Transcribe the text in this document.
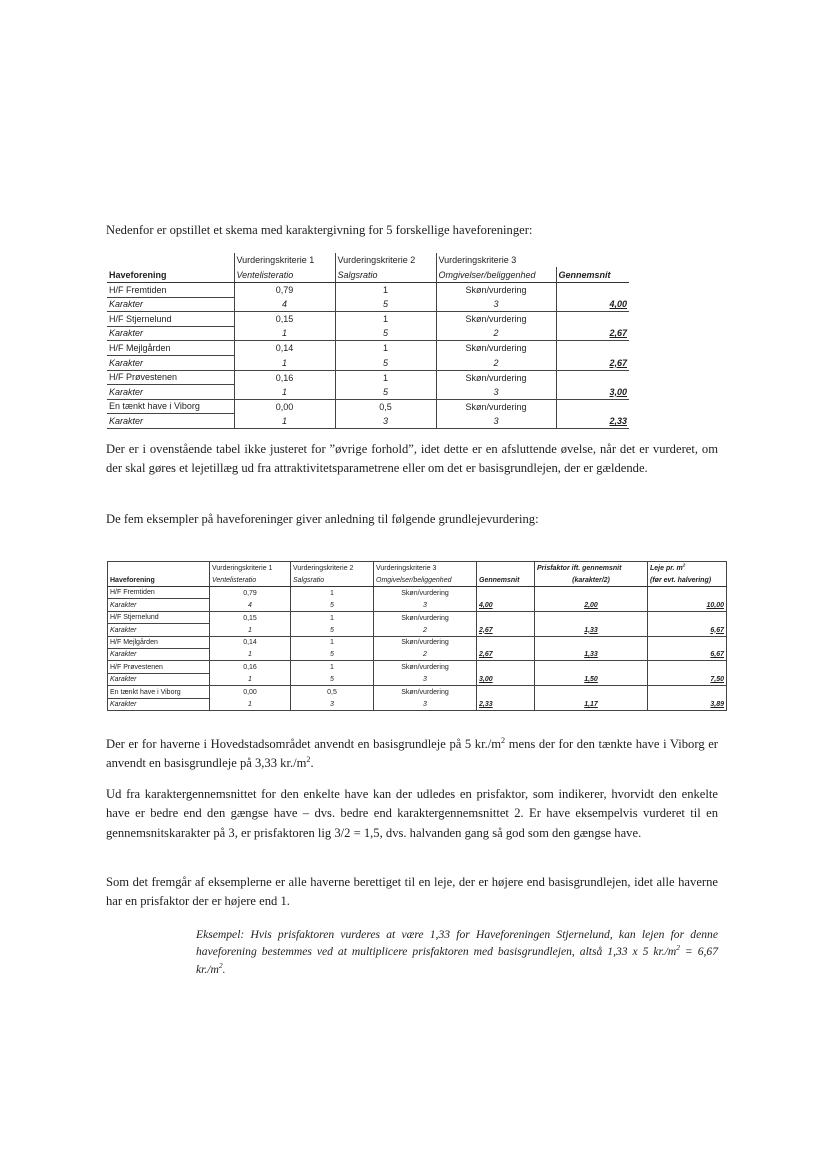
Nedenfor er opstillet et skema med karaktergivning for 5 forskellige haveforeninger:

	Vurderingskriterie 1	Vurderingskriterie 2	Vurderingskriterie 3	
Haveforening	Ventelisteratio	Salgsratio	Omgivelser/beliggenhed	Gennemsnit
H/F Fremtiden	0,79	1	Skøn/vurdering	
Karakter	4	5	3	4,00
H/F Stjernelund	0,15	1	Skøn/vurdering	
Karakter	1	5	2	2,67
H/F Mejlgården	0,14	1	Skøn/vurdering	
Karakter	1	5	2	2,67
H/F Prøvestenen	0,16	1	Skøn/vurdering	
Karakter	1	5	3	3,00
En tænkt have i Viborg	0,00	0,5	Skøn/vurdering	
Karakter	1	3	3	2,33

Der er i ovenstående tabel ikke justeret for ”øvrige forhold”, idet dette er en afsluttende øvelse, når det er vurderet, om der skal gøres et lejetillæg ud fra attraktivitetsparametrene eller om det er basisgrundlejen, der er gældende.

De fem eksempler på haveforeninger giver anledning til følgende grundlejevurdering:

	Vurderingskriterie 1	Vurderingskriterie 2	Vurderingskriterie 3		Prisfaktor ift. gennemsnit	Leje pr. $m^2$
Haveforening	Ventelisteratio	Salgsratio	Omgivelser/beliggenhed	Gennemsnit	(karakter/2)	(før evt. halvering)
H/F Fremtiden	0,79	1	Skøn/vurdering			
Karakter	4	5	3	4,00	2,00	10,00
H/F Stjernelund	0,15	1	Skøn/vurdering			
Karakter	1	5	2	2,67	1,33	6,67
H/F Mejlgården	0,14	1	Skøn/vurdering			
Karakter	1	5	2	2,67	1,33	6,67
H/F Prøvestenen	0,16	1	Skøn/vurdering			
Karakter	1	5	3	3,00	1,50	7,50
En tænkt have i Viborg	0,00	0,5	Skøn/vurdering			
Karakter	1	3	3	2,33	1,17	3,89

Der er for haverne i Hovedstadsområdet anvendt en basisgrundleje på 5 $kr./m^2$ mens der for den tænkte have i Viborg er anvendt en basisgrundleje på 3,33 $kr./m^2$.

Ud fra karaktergennemsnittet for den enkelte have kan der udledes en prisfaktor, som indikerer, hvorvidt den enkelte have er bedre end den gængse have – dvs. bedre end karaktergennemsnittet 2. Er have eksempelvis vurderet til en gennemsnitskarakter på 3, er prisfaktoren lig 3/2 = 1,5, dvs. halvanden gang så god som den gængse have.

Som det fremgår af eksemplerne er alle haverne berettiget til en leje, der er højere end basisgrundlejen, idet alle haverne har en prisfaktor der er højere end 1.

Eksempel: Hvis prisfaktoren vurderes at være 1,33 for Haveforeningen Stjernelund, kan lejen for denne haveforening bestemmes ved at multiplicere prisfaktoren med basisgrundlejen, altså 1,33 x 5 $kr./m^2 = 6,67$ $kr./m^2$.
